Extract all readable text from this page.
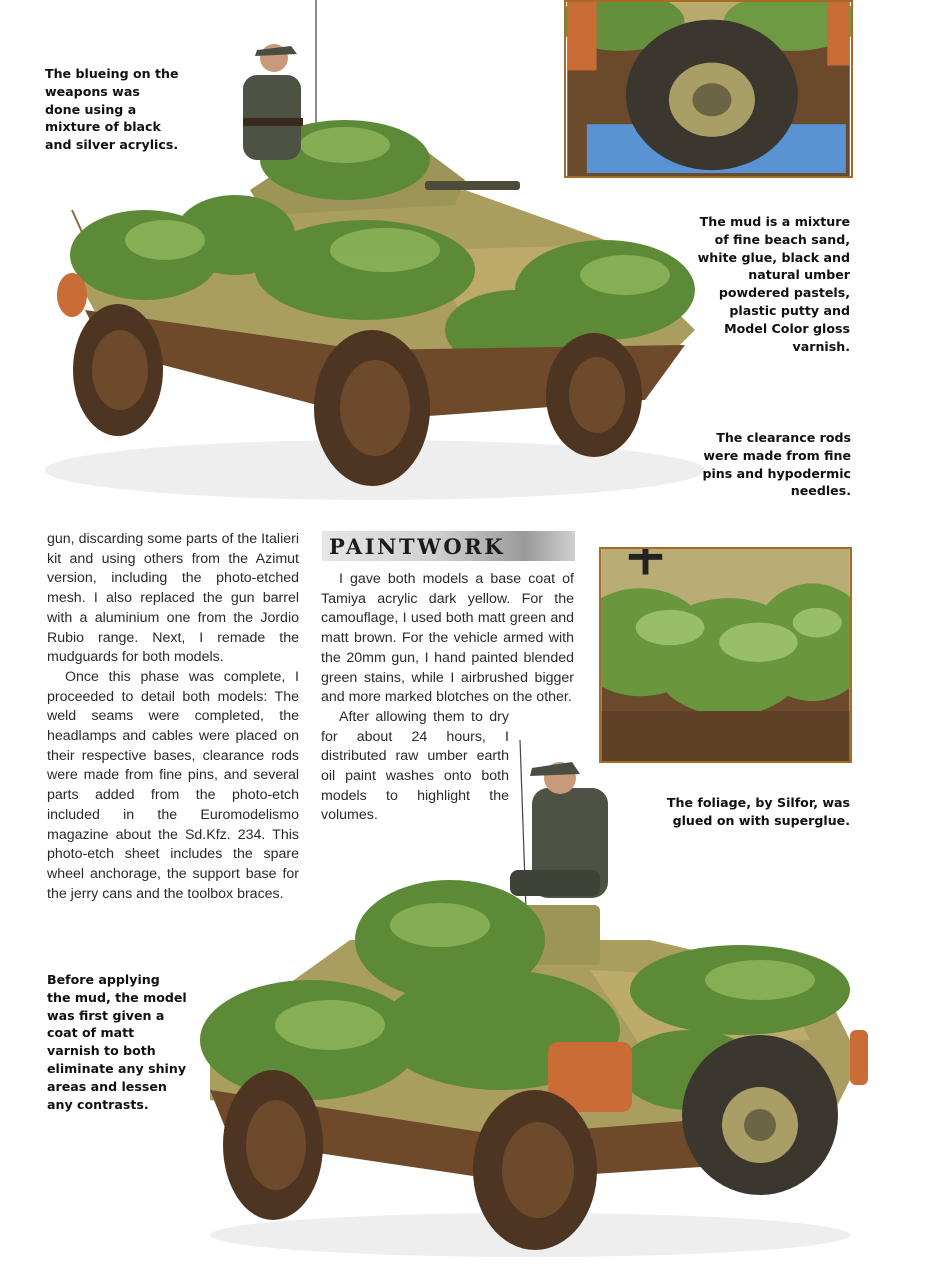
The blueing on the weapons was done using a mixture of black and silver acrylics.

The mud is a mixture of fine beach sand, white glue, black and natural umber powdered pastels, plastic putty and Model Color gloss varnish.

The clearance rods were made from fine pins and hypodermic needles.

The foliage, by Silfor, was glued on with superglue.

Before applying the mud, the model was first given a coat of matt varnish to both eliminate any shiny areas and lessen any contrasts.

gun, discarding some parts of the Italieri kit and using others from the Azimut version, including the photo-etched mesh. I also replaced the gun barrel with a aluminium one from the Jordio Rubio range. Next, I remade the mudguards for both models.

Once this phase was complete, I proceeded to detail both models: The weld seams were completed, the headlamps and cables were placed on their respective bases, clearance rods were made from fine pins, and several parts added from the photo-etch included in the Euromodelismo magazine about the Sd.Kfz. 234. This photo-etch sheet includes the spare wheel anchorage, the support base for the jerry cans and the toolbox braces.

PAINTWORK

I gave both models a base coat of Tamiya acrylic dark yellow. For the camouflage, I used both matt green and matt brown. For the vehicle armed with the 20mm gun, I hand painted blended green stains, while I airbrushed bigger and more marked blotches on the other.

After allowing them to dry for about 24 hours, I distributed raw umber earth oil paint washes onto both models to highlight the volumes.
